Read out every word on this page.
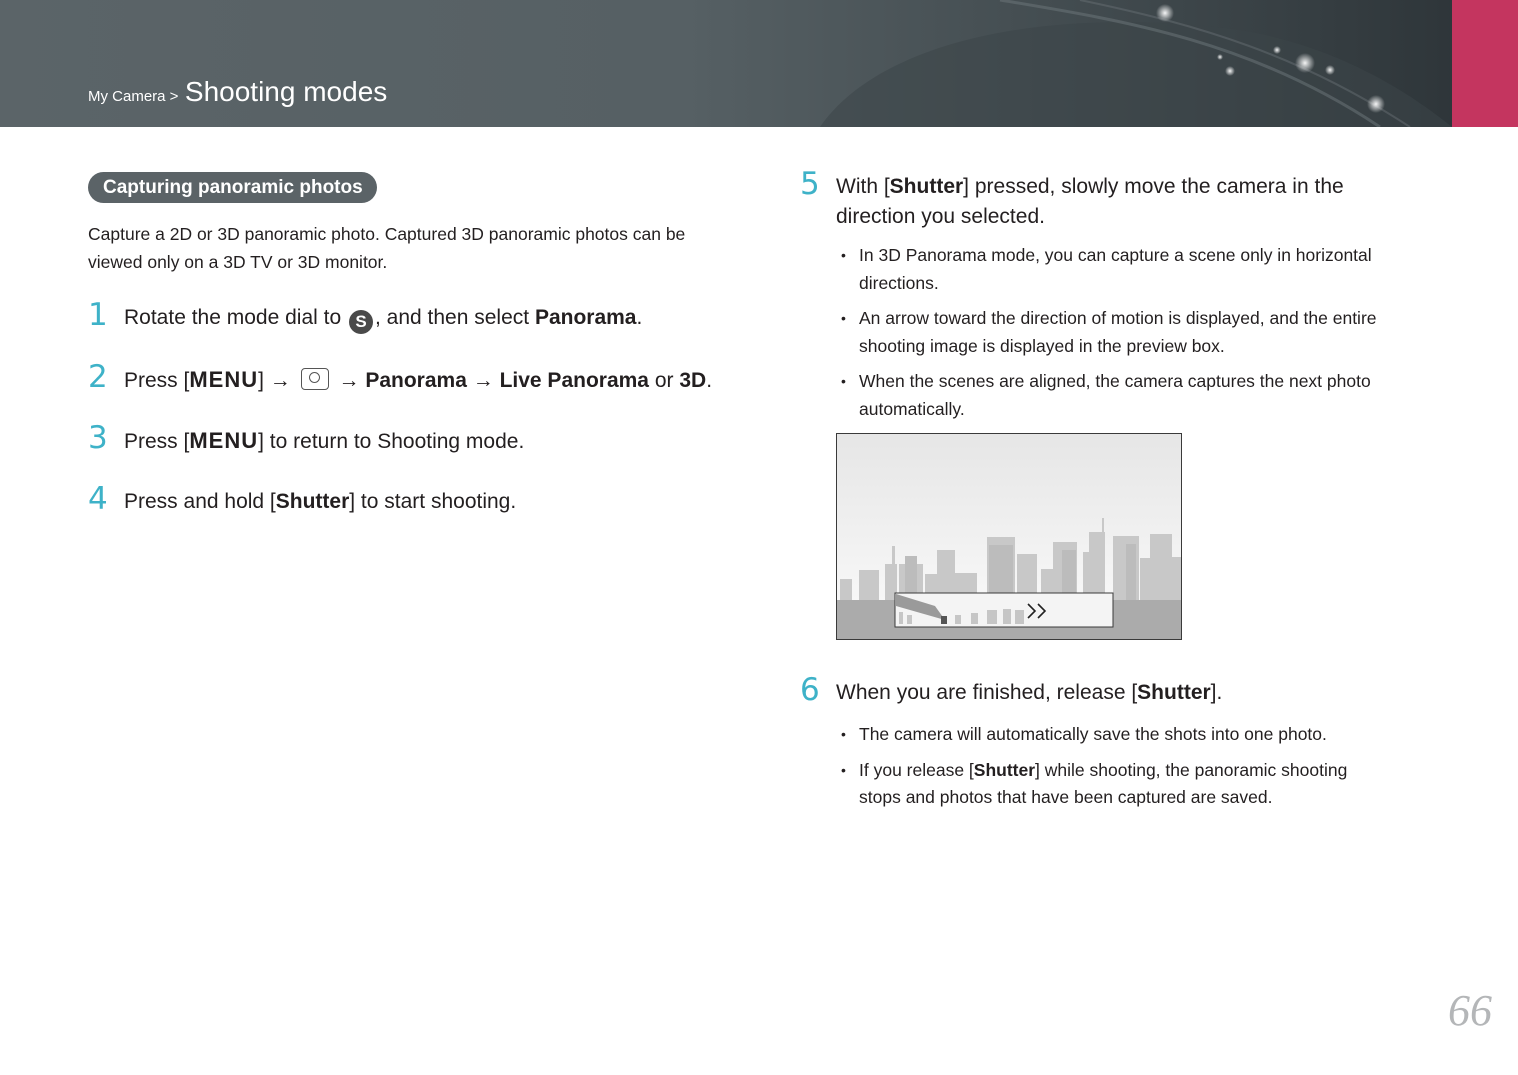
My Camera > Shooting modes
Capturing panoramic photos
Capture a 2D or 3D panoramic photo. Captured 3D panoramic photos can be viewed only on a 3D TV or 3D monitor.
1 Rotate the mode dial to S , and then select Panorama.
2 Press [MENU] → → Panorama → Live Panorama or 3D.
3 Press [MENU] to return to Shooting mode.
4 Press and hold [Shutter] to start shooting.
5 With [Shutter] pressed, slowly move the camera in the
direction you selected.
• In 3D Panorama mode, you can capture a scene only in horizontal
directions.
• An arrow toward the direction of motion is displayed, and the entire
shooting image is displayed in the preview box.
• When the scenes are aligned, the camera captures the next photo
automatically.
6 When you are finished, release [Shutter].
• The camera will automatically save the shots into one photo.
• If you release [Shutter] while shooting, the panoramic shooting
stops and photos that have been captured are saved.
66
